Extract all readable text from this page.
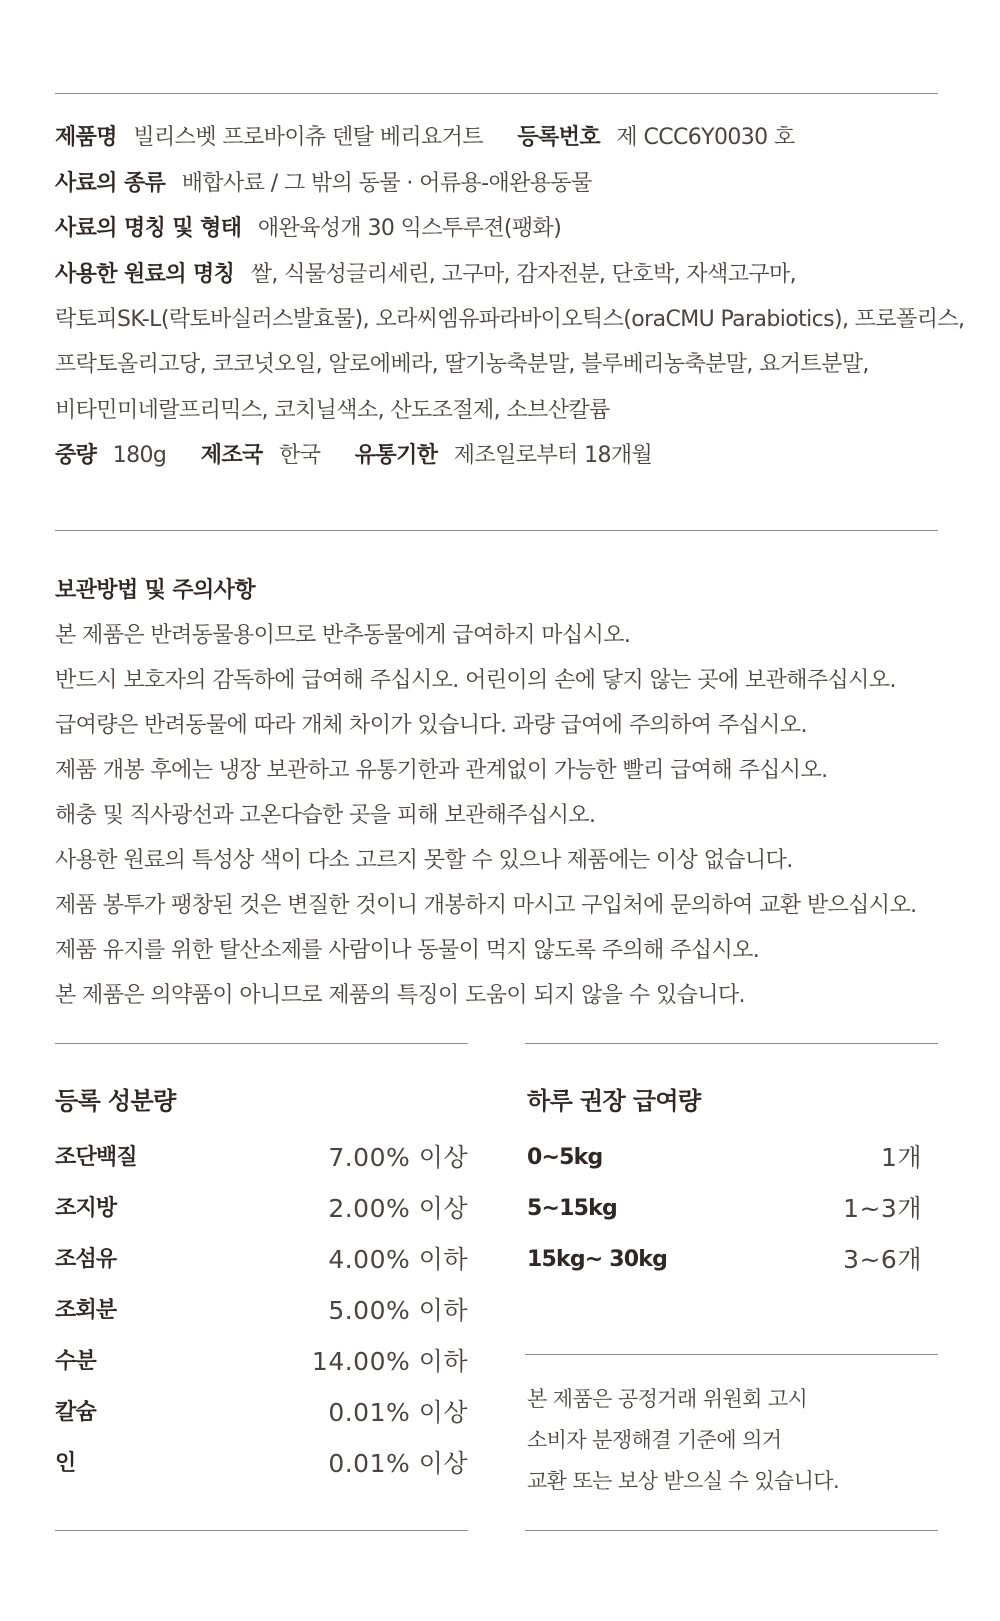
제품명 빌리스벳 프로바이츄 덴탈 베리요거트 등록번호 제 CCC6Y0030 호
사료의 종류 배합사료 / 그 밖의 동물 · 어류용-애완용동물
사료의 명칭 및 형태 애완육성개 30 익스투루젼(팽화)
사용한 원료의 명칭 쌀, 식물성글리세린, 고구마, 감자전분, 단호박, 자색고구마,
락토피SK-L(락토바실러스발효물), 오라씨엠유파라바이오틱스(oraCMU Parabiotics), 프로폴리스,
프락토올리고당, 코코넛오일, 알로에베라, 딸기농축분말, 블루베리농축분말, 요거트분말,
비타민미네랄프리믹스, 코치닐색소, 산도조절제, 소브산칼륨
중량 180g 제조국 한국 유통기한 제조일로부터 18개월
보관방법 및 주의사항
본 제품은 반려동물용이므로 반추동물에게 급여하지 마십시오.
반드시 보호자의 감독하에 급여해 주십시오. 어린이의 손에 닿지 않는 곳에 보관해주십시오.
급여량은 반려동물에 따라 개체 차이가 있습니다. 과량 급여에 주의하여 주십시오.
제품 개봉 후에는 냉장 보관하고 유통기한과 관계없이 가능한 빨리 급여해 주십시오.
해충 및 직사광선과 고온다습한 곳을 피해 보관해주십시오.
사용한 원료의 특성상 색이 다소 고르지 못할 수 있으나 제품에는 이상 없습니다.
제품 봉투가 팽창된 것은 변질한 것이니 개봉하지 마시고 구입처에 문의하여 교환 받으십시오.
제품 유지를 위한 탈산소제를 사람이나 동물이 먹지 않도록 주의해 주십시오.
본 제품은 의약품이 아니므로 제품의 특징이 도움이 되지 않을 수 있습니다.
등록 성분량
조단백질	7.00% 이상
조지방	2.00% 이상
조섬유	4.00% 이하
조회분	5.00% 이하
수분	14.00% 이하
칼슘	0.01% 이상
인	0.01% 이상
하루 권장 급여량
0~5kg	1개
5~15kg	1~3개
15kg~ 30kg	3~6개
본 제품은 공정거래 위원회 고시
소비자 분쟁해결 기준에 의거
교환 또는 보상 받으실 수 있습니다.
